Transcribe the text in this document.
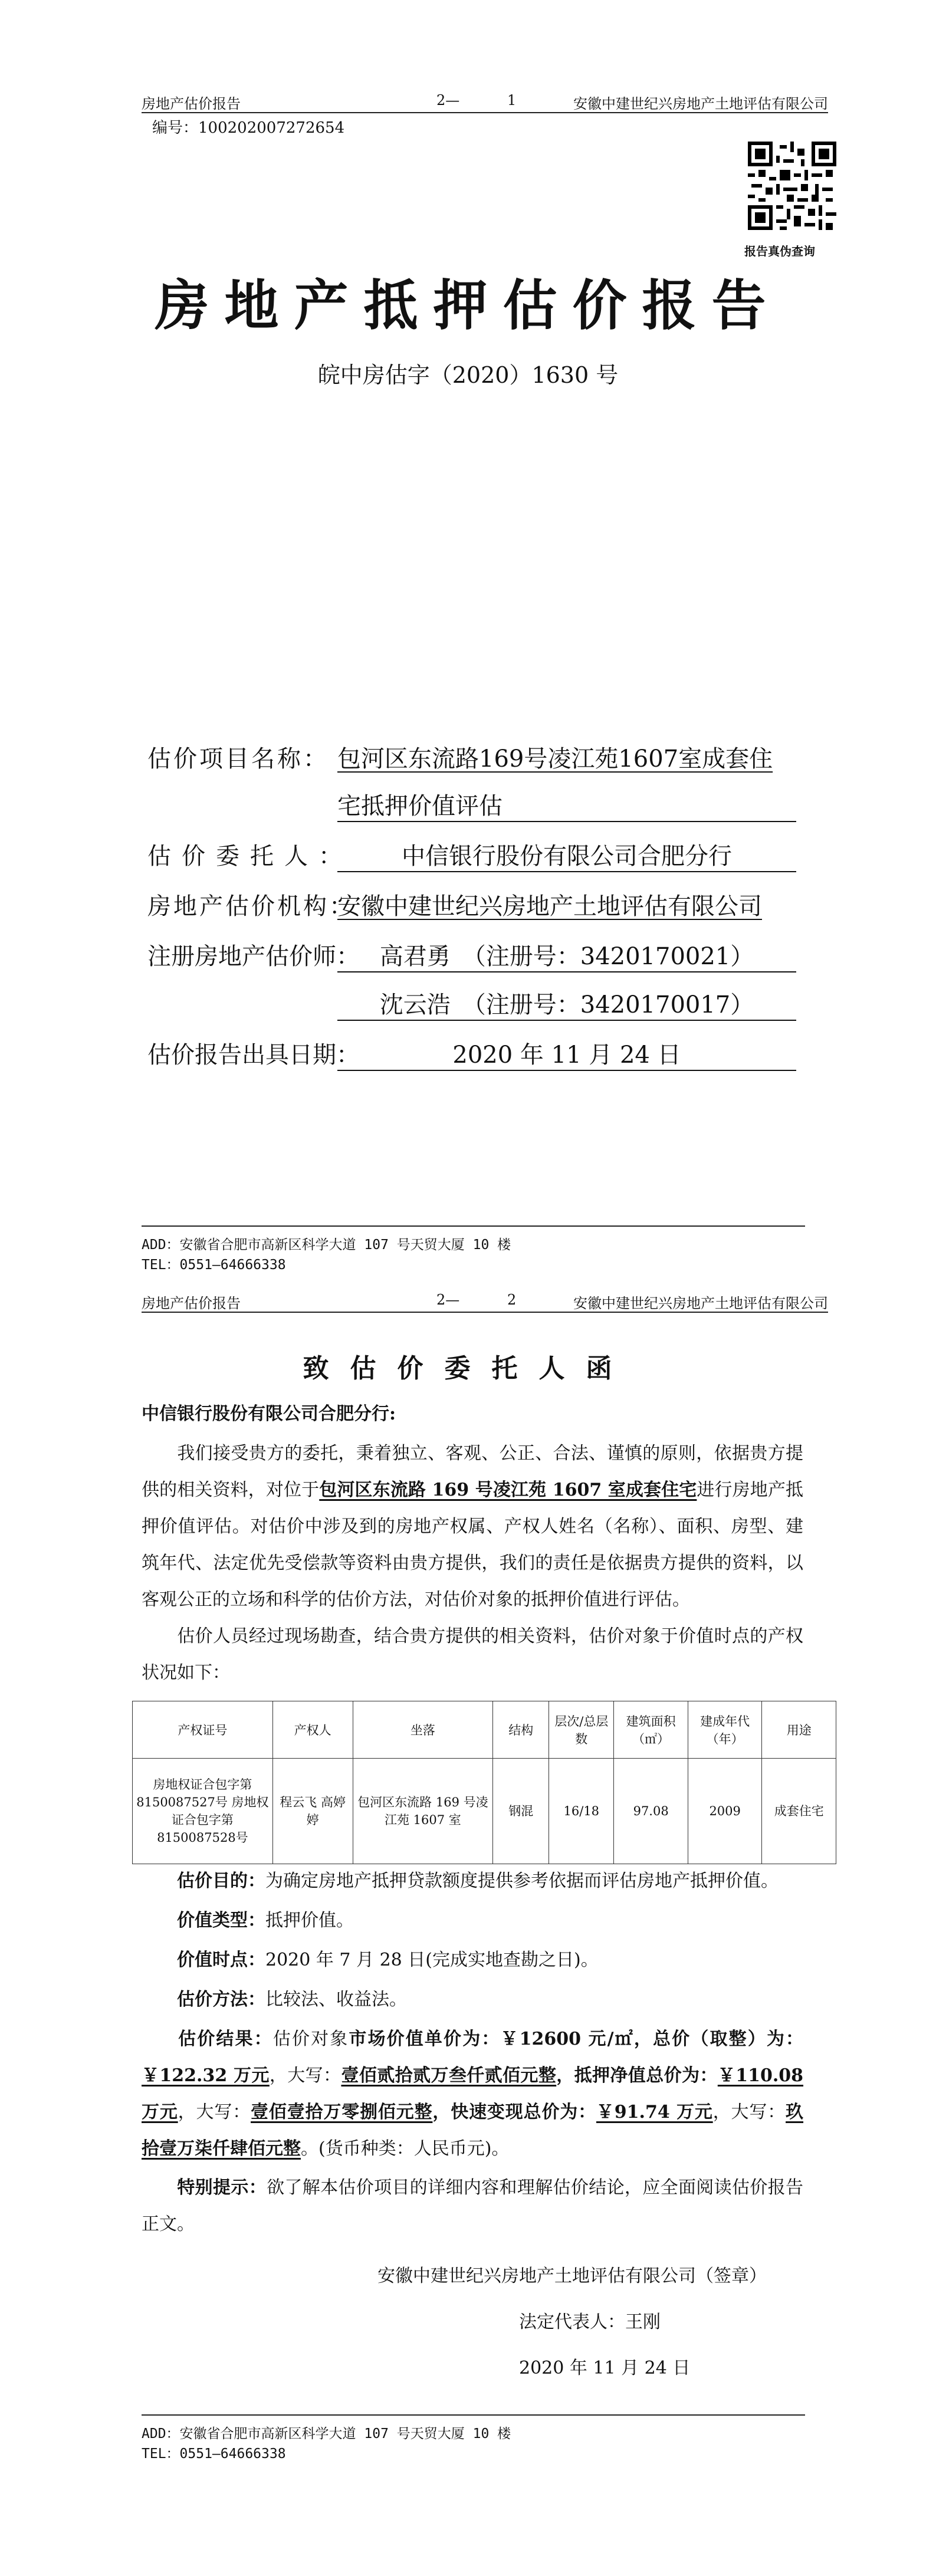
房地产估价报告	2—	1	安徽中建世纪兴房地产土地评估有限公司
编号：100202007272654
报告真伪查询
房地产抵押估价报告
皖中房估字（2020）1630 号
估价项目名称： 包河区东流路169号凌江苑1607室成套住
宅抵押价值评估
估价委托人：	中信银行股份有限公司合肥分行
房地产估价机构：
安徽中建世纪兴房地产土地评估有限公司
注册房地产估价师： 高君勇　（注册号：3420170021）
沈云浩　（注册号：3420170017）
估价报告出具日期：	2020 年 11 月 24 日
ADD：安徽省合肥市高新区科学大道 107 号天贸大厦 10 楼
TEL：0551—64666338
房地产估价报告	2—	2	安徽中建世纪兴房地产土地评估有限公司
致估价委托人函
中信银行股份有限公司合肥分行:
我们接受贵方的委托，秉着独立、客观、公正、合法、谨慎的原则，依据贵方提供的相关资料，对位于包河区东流路 169 号凌江苑 1607 室成套住宅进行房地产抵押价值评估。对估价中涉及到的房地产权属、产权人姓名（名称）、面积、房型、建筑年代、法定优先受偿款等资料由贵方提供，我们的责任是依据贵方提供的资料，以客观公正的立场和科学的估价方法，对估价对象的抵押价值进行评估。
估价人员经过现场勘查，结合贵方提供的相关资料，估价对象于价值时点的产权状况如下：
产权证号	产权人	坐落	结构	层次/总层数	建筑面积（㎡）	建成年代（年）	用途
房地权证合包字第8150087527号 房地权证合包字第8150087528号	程云飞 高婷婷	包河区东流路 169 号凌江苑 1607 室	钢混	16/18	97.08	2009	成套住宅
估价目的：为确定房地产抵押贷款额度提供参考依据而评估房地产抵押价值。
价值类型：抵押价值。
价值时点：2020 年 7 月 28 日(完成实地查勘之日)。
估价方法：比较法、收益法。
估价结果：估价对象市场价值单价为：￥12600 元/㎡，总价（取整）为：￥122.32 万元，大写：壹佰贰拾贰万叁仟贰佰元整，抵押净值总价为：￥110.08 万元，大写：壹佰壹拾万零捌佰元整，快速变现总价为：￥91.74 万元，大写：玖拾壹万柒仟肆佰元整。(货币种类：人民币元)。
特别提示：欲了解本估价项目的详细内容和理解估价结论，应全面阅读估价报告正文。
安徽中建世纪兴房地产土地评估有限公司（签章）
法定代表人：王刚
2020 年 11 月 24 日
ADD：安徽省合肥市高新区科学大道 107 号天贸大厦 10 楼
TEL：0551—64666338
